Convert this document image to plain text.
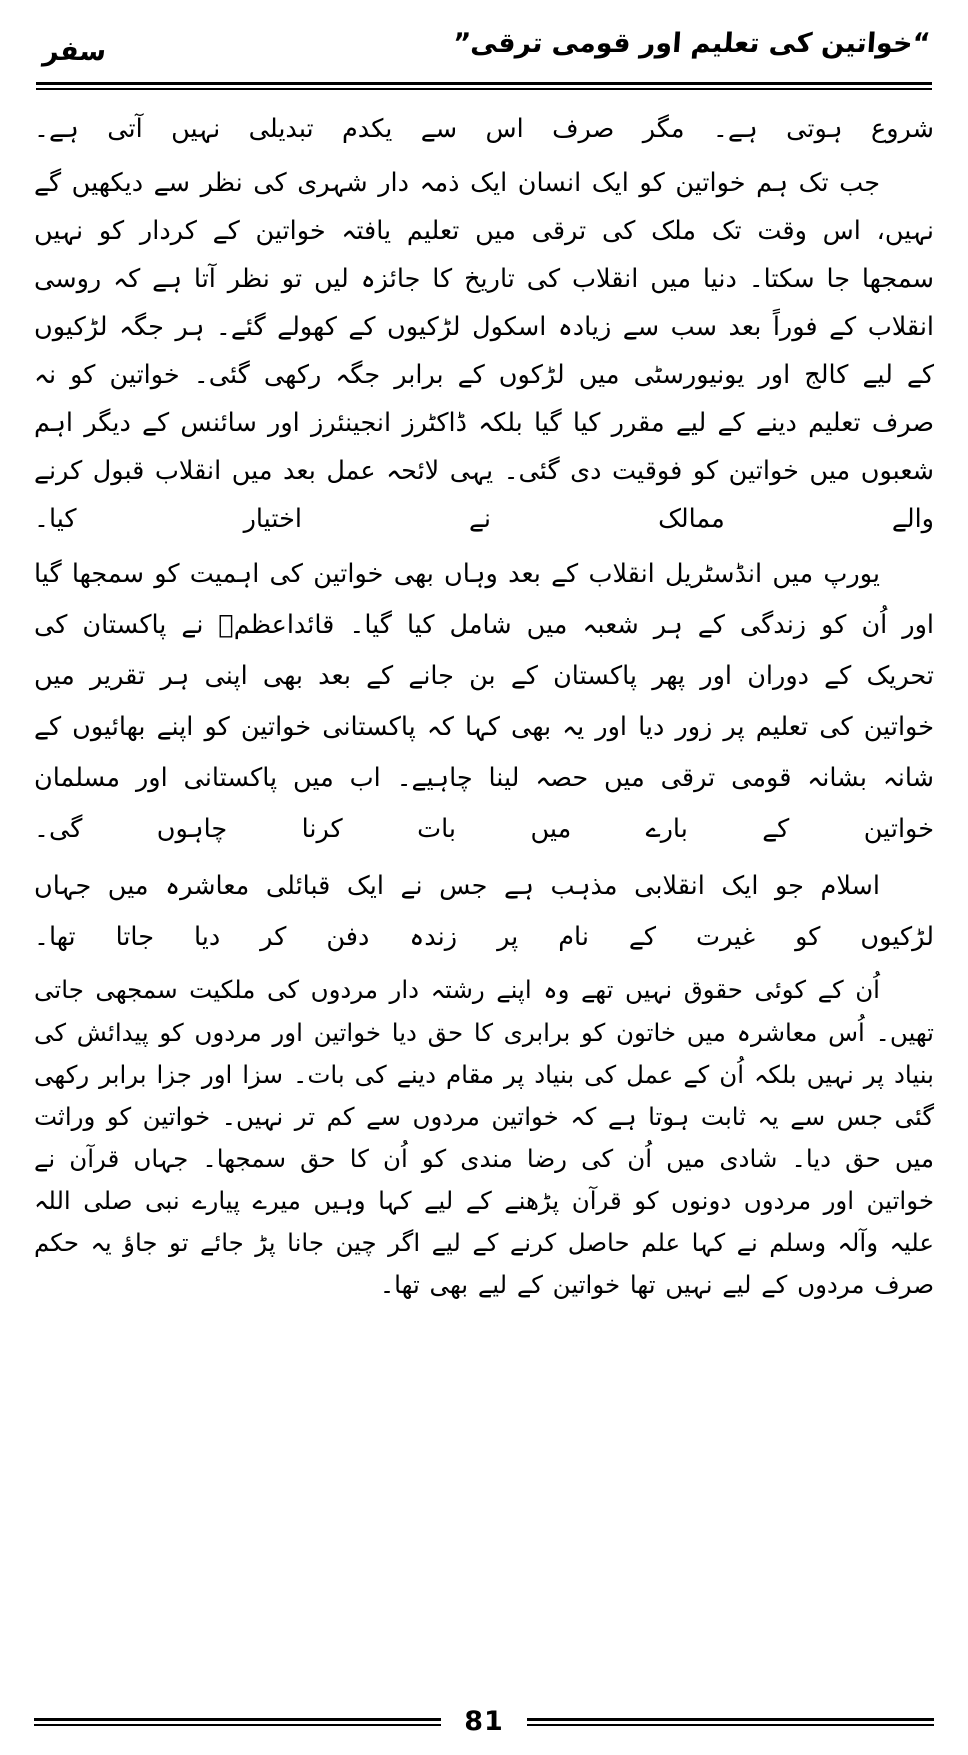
“خواتین کی تعلیم اور قومی ترقی”
سفر

شروع ہوتی ہے۔ مگر صرف اس سے یکدم تبدیلی نہیں آتی ہے۔

جب تک ہم خواتین کو ایک انسان ایک ذمہ دار شہری کی نظر سے دیکھیں گے نہیں، اس وقت تک ملک کی ترقی میں تعلیم یافتہ خواتین کے کردار کو نہیں سمجھا جا سکتا۔ دنیا میں انقلاب کی تاریخ کا جائزہ لیں تو نظر آتا ہے کہ روسی انقلاب کے فوراً بعد سب سے زیادہ اسکول لڑکیوں کے کھولے گئے۔ ہر جگہ لڑکیوں کے لیے کالج اور یونیورسٹی میں لڑکوں کے برابر جگہ رکھی گئی۔ خواتین کو نہ صرف تعلیم دینے کے لیے مقرر کیا گیا بلکہ ڈاکٹرز انجینئرز اور سائنس کے دیگر اہم شعبوں میں خواتین کو فوقیت دی گئی۔ یہی لائحہ عمل بعد میں انقلاب قبول کرنے والے ممالک نے اختیار کیا۔

یورپ میں انڈسٹریل انقلاب کے بعد وہاں بھی خواتین کی اہمیت کو سمجھا گیا اور اُن کو زندگی کے ہر شعبہ میں شامل کیا گیا۔ قائداعظمؒ نے پاکستان کی تحریک کے دوران اور پھر پاکستان کے بن جانے کے بعد بھی اپنی ہر تقریر میں خواتین کی تعلیم پر زور دیا اور یہ بھی کہا کہ پاکستانی خواتین کو اپنے بھائیوں کے شانہ بشانہ قومی ترقی میں حصہ لینا چاہیے۔ اب میں پاکستانی اور مسلمان خواتین کے بارے میں بات کرنا چاہوں گی۔

اسلام جو ایک انقلابی مذہب ہے جس نے ایک قبائلی معاشرہ میں جہاں لڑکیوں کو غیرت کے نام پر زندہ دفن کر دیا جاتا تھا۔

اُن کے کوئی حقوق نہیں تھے وہ اپنے رشتہ دار مردوں کی ملکیت سمجھی جاتی تھیں۔ اُس معاشرہ میں خاتون کو برابری کا حق دیا خواتین اور مردوں کو پیدائش کی بنیاد پر نہیں بلکہ اُن کے عمل کی بنیاد پر مقام دینے کی بات۔ سزا اور جزا برابر رکھی گئی جس سے یہ ثابت ہوتا ہے کہ خواتین مردوں سے کم تر نہیں۔ خواتین کو وراثت میں حق دیا۔ شادی میں اُن کی رضا مندی کو اُن کا حق سمجھا۔ جہاں قرآن نے خواتین اور مردوں دونوں کو قرآن پڑھنے کے لیے کہا وہیں میرے پیارے نبی صلی اللہ علیہ وآلہ وسلم نے کہا علم حاصل کرنے کے لیے اگر چین جانا پڑ جائے تو جاؤ یہ حکم صرف مردوں کے لیے نہیں تھا خواتین کے لیے بھی تھا۔

81
